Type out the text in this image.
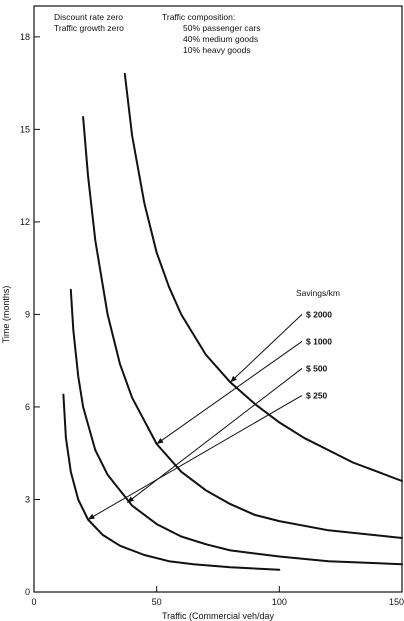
0	50	100	150
3
6
9
12
15
18
0
Traffic (Commercial veh/day
Time (months)
Discount rate zero
Traffic growth zero
Traffic composition:
50% passenger cars
40% medium goods
10% heavy goods
Savings/km
$ 2000
$ 1000
$ 500
$ 250
